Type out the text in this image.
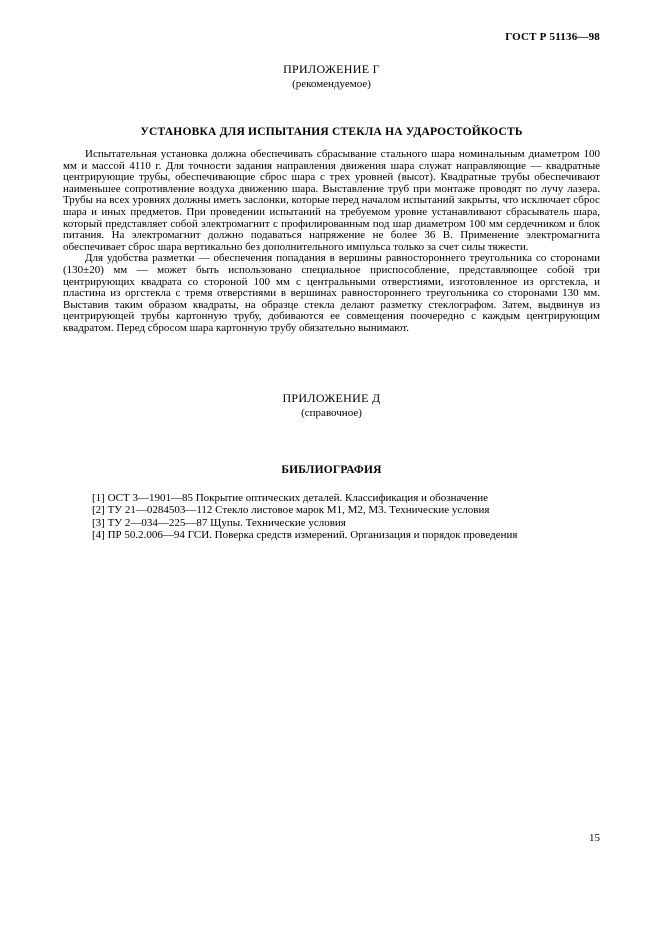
ГОСТ Р 51136—98
ПРИЛОЖЕНИЕ Г
(рекомендуемое)
УСТАНОВКА ДЛЯ ИСПЫТАНИЯ СТЕКЛА НА УДАРОСТОЙКОСТЬ

Испытательная установка должна обеспечивать сбрасывание стального шара номинальным диаметром 100 мм и массой 4110 г. Для точности задания направления движения шара служат направляющие — квадратные центрирующие трубы, обеспечивающие сброс шара с трех уровней (высот). Квадратные трубы обеспечивают наименьшее сопротивление воздуха движению шара. Выставление труб при монтаже проводят по лучу лазера. Трубы на всех уровнях должны иметь заслонки, которые перед началом испытаний закрыты, что исключает сброс шара и иных предметов. При проведении испытаний на требуемом уровне устанавливают сбрасыватель шара, который представляет собой электромагнит с профилированным под шар диаметром 100 мм сердечником и блок питания. На электромагнит должно подаваться напряжение не более 36 В. Применение электромагнита обеспечивает сброс шара вертикально без дополнительного импульса только за счет силы тяжести.

Для удобства разметки — обеспечения попадания в вершины равностороннего треугольника со сторонами (130±20) мм — может быть использовано специальное приспособление, представляющее собой три центрирующих квадрата со стороной 100 мм с центральными отверстиями, изготовленное из оргстекла, и пластина из оргстекла с тремя отверстиями в вершинах равностороннего треугольника со сторонами 130 мм. Выставив таким образом квадраты, на образце стекла делают разметку стеклографом. Затем, выдвинув из центрирующей трубы картонную трубу, добиваются ее совмещения поочередно с каждым центрирующим квадратом. Перед сбросом шара картонную трубу обязательно вынимают.

ПРИЛОЖЕНИЕ Д
(справочное)
БИБЛИОГРАФИЯ
[1] ОСТ 3—1901—85 Покрытие оптических деталей. Классификация и обозначение
[2] ТУ 21—0284503—112 Стекло листовое марок М1, М2, М3. Технические условия
[3] ТУ 2—034—225—87 Щупы. Технические условия
[4] ПР 50.2.006—94 ГСИ. Поверка средств измерений. Организация и порядок проведения
15
